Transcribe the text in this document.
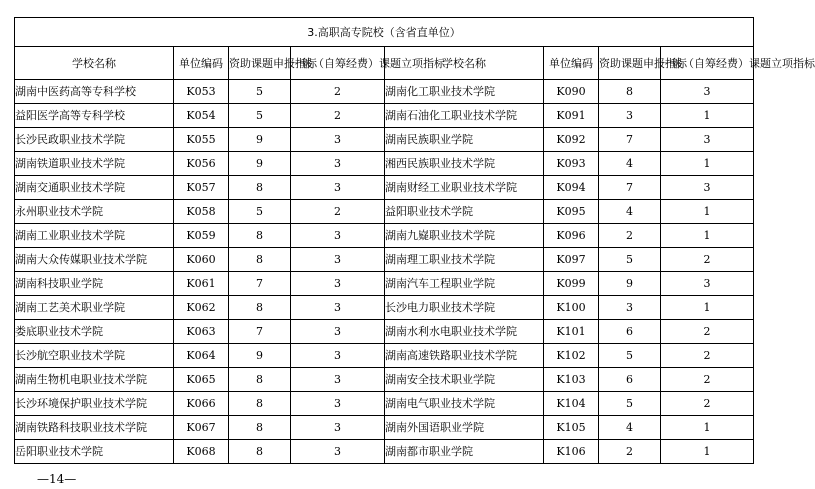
3.高职高专院校（含省直单位）							
学校名称	单位编码	资助课题申报指标	一般（自筹经费）课题立项指标	学校名称	单位编码	资助课题申报指标	一般（自筹经费）课题立项指标
湖南中医药高等专科学校	K053	5	2	湖南化工职业技术学院	K090	8	3
益阳医学高等专科学校	K054	5	2	湖南石油化工职业技术学院	K091	3	1
长沙民政职业技术学院	K055	9	3	湖南民族职业学院	K092	7	3
湖南铁道职业技术学院	K056	9	3	湘西民族职业技术学院	K093	4	1
湖南交通职业技术学院	K057	8	3	湖南财经工业职业技术学院	K094	7	3
永州职业技术学院	K058	5	2	益阳职业技术学院	K095	4	1
湖南工业职业技术学院	K059	8	3	湖南九嶷职业技术学院	K096	2	1
湖南大众传媒职业技术学院	K060	8	3	湖南理工职业技术学院	K097	5	2
湖南科技职业学院	K061	7	3	湖南汽车工程职业学院	K099	9	3
湖南工艺美术职业学院	K062	8	3	长沙电力职业技术学院	K100	3	1
娄底职业技术学院	K063	7	3	湖南水利水电职业技术学院	K101	6	2
长沙航空职业技术学院	K064	9	3	湖南高速铁路职业技术学院	K102	5	2
湖南生物机电职业技术学院	K065	8	3	湖南安全技术职业学院	K103	6	2
长沙环境保护职业技术学院	K066	8	3	湖南电气职业技术学院	K104	5	2
湖南铁路科技职业技术学院	K067	8	3	湖南外国语职业学院	K105	4	1
岳阳职业技术学院	K068	8	3	湖南都市职业学院	K106	2	1
—14—
